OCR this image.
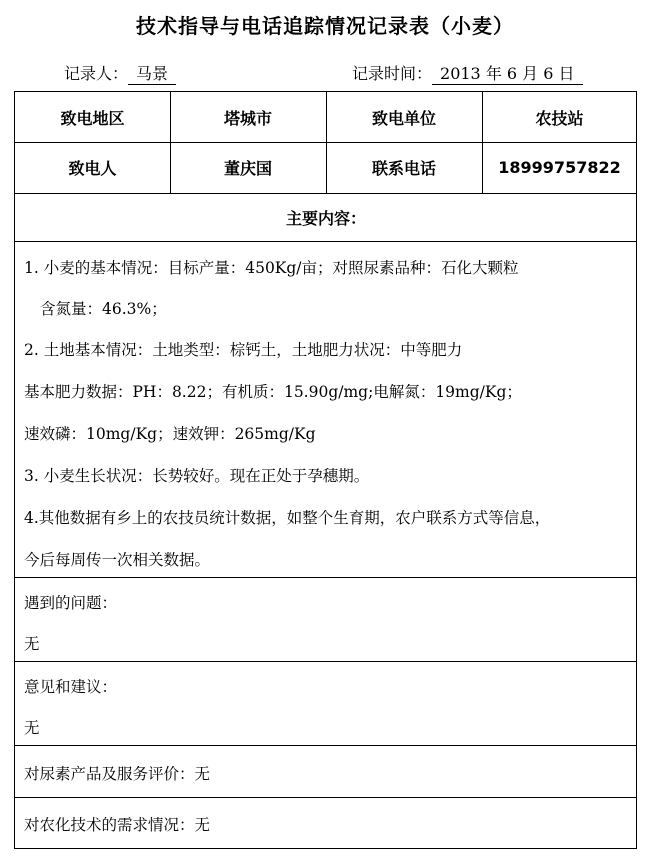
技术指导与电话追踪情况记录表（小麦）
记录人： 马景	记录时间： 2013 年 6 月 6 日
致电地区	塔城市	致电单位	农技站
致电人	董庆国	联系电话	18999757822
主要内容：
1. 小麦的基本情况：目标产量：450Kg/亩；对照尿素品种：石化大颗粒
含氮量：46.3%；
2. 土地基本情况：土地类型：棕钙土，土地肥力状况：中等肥力
基本肥力数据：PH：8.22；有机质：15.90g/mg;电解氮：19mg/Kg；
速效磷：10mg/Kg；速效钾：265mg/Kg
3. 小麦生长状况：长势较好。现在正处于孕穗期。
4.其他数据有乡上的农技员统计数据，如整个生育期，农户联系方式等信息，
今后每周传一次相关数据。
遇到的问题：
无
意见和建议：
无
对尿素产品及服务评价：无
对农化技术的需求情况：无
